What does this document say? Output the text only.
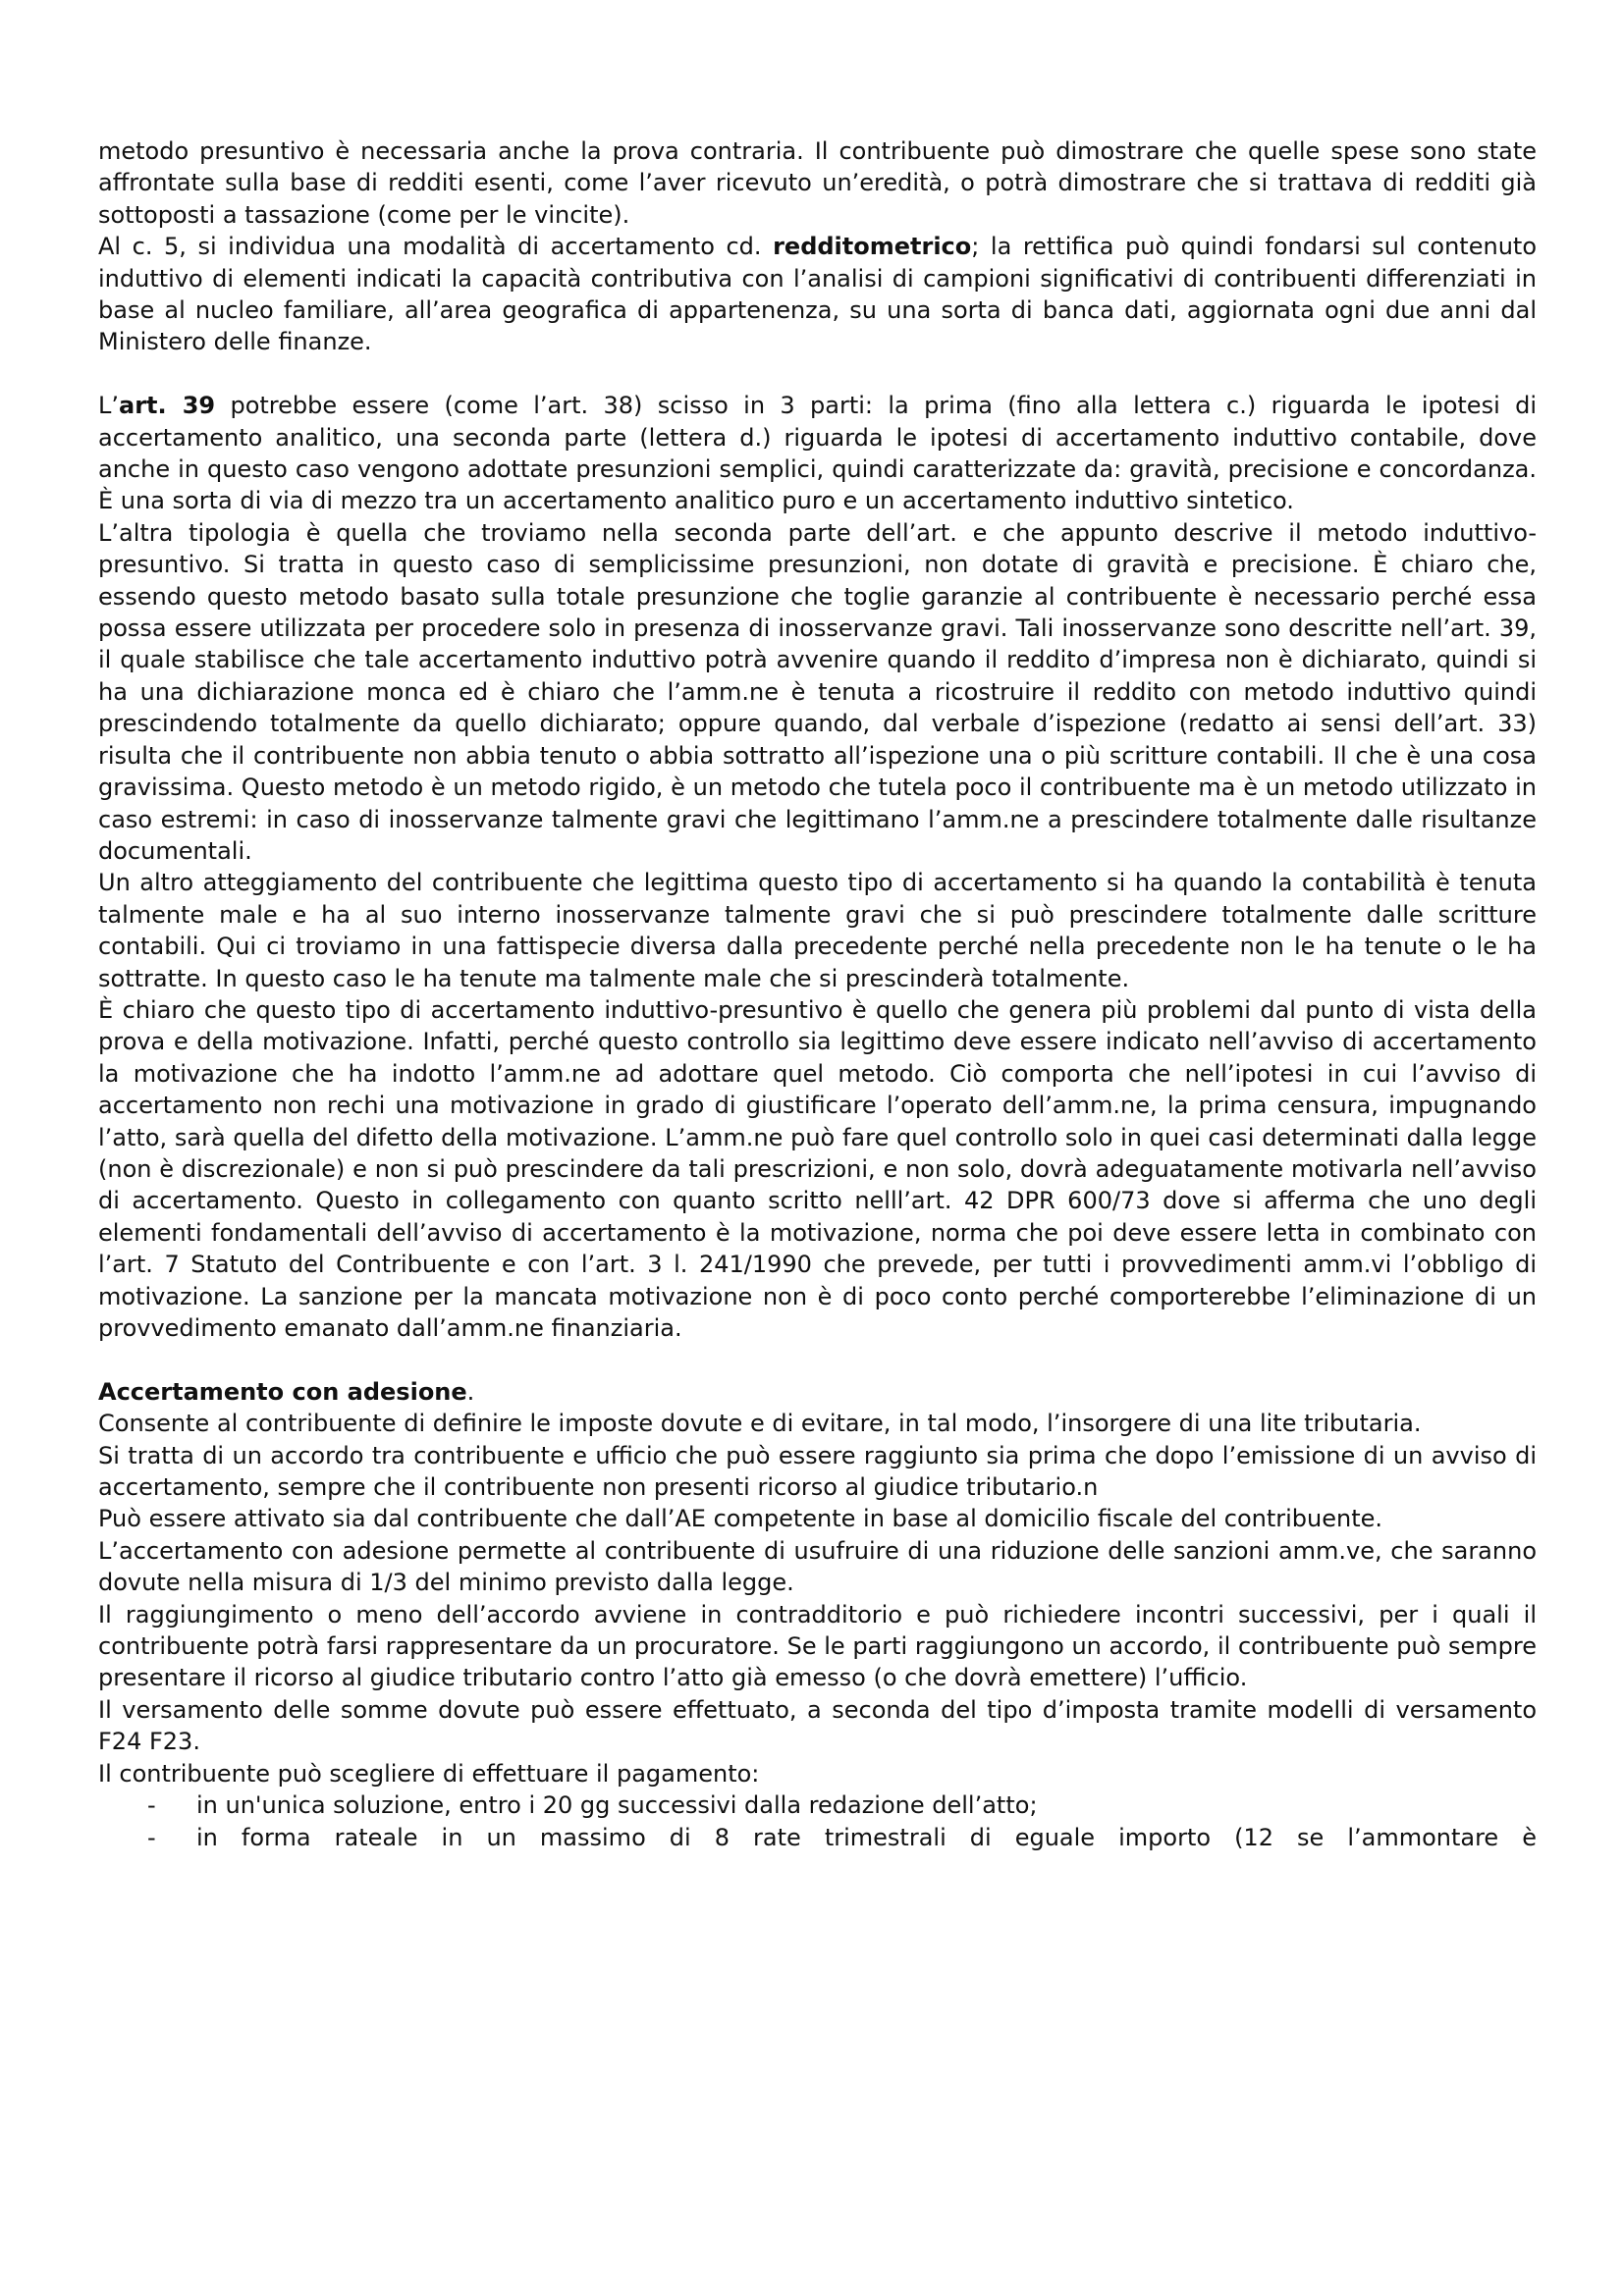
metodo presuntivo è necessaria anche la prova contraria. Il contribuente può dimostrare che quelle spese sono state affrontate sulla base di redditi esenti, come l’aver ricevuto un’eredità, o potrà dimostrare che si trattava di redditi già sottoposti a tassazione (come per le vincite).

Al c. 5, si individua una modalità di accertamento cd. redditometrico; la rettifica può quindi fondarsi sul contenuto induttivo di elementi indicati la capacità contributiva con l’analisi di campioni significativi di contribuenti differenziati in base al nucleo familiare, all’area geografica di appartenenza, su una sorta di banca dati, aggiornata ogni due anni dal Ministero delle finanze.

L’art. 39 potrebbe essere (come l’art. 38) scisso in 3 parti: la prima (fino alla lettera c.) riguarda le ipotesi di accertamento analitico, una seconda parte (lettera d.) riguarda le ipotesi di accertamento induttivo contabile, dove anche in questo caso vengono adottate presunzioni semplici, quindi caratterizzate da: gravità, precisione e concordanza. È una sorta di via di mezzo tra un accertamento analitico puro e un accertamento induttivo sintetico.

L’altra tipologia è quella che troviamo nella seconda parte dell’art. e che appunto descrive il metodo induttivo-presuntivo. Si tratta in questo caso di semplicissime presunzioni, non dotate di gravità e precisione. È chiaro che, essendo questo metodo basato sulla totale presunzione che toglie garanzie al contribuente è necessario perché essa possa essere utilizzata per procedere solo in presenza di inosservanze gravi. Tali inosservanze sono descritte nell’art. 39, il quale stabilisce che tale accertamento induttivo potrà avvenire quando il reddito d’impresa non è dichiarato, quindi si ha una dichiarazione monca ed è chiaro che l’amm.ne è tenuta a ricostruire il reddito con metodo induttivo quindi prescindendo totalmente da quello dichiarato; oppure quando, dal verbale d’ispezione (redatto ai sensi dell’art. 33) risulta che il contribuente non abbia tenuto o abbia sottratto all’ispezione una o più scritture contabili. Il che è una cosa gravissima. Questo metodo è un metodo rigido, è un metodo che tutela poco il contribuente ma è un metodo utilizzato in caso estremi: in caso di inosservanze talmente gravi che legittimano l’amm.ne a prescindere totalmente dalle risultanze documentali.

Un altro atteggiamento del contribuente che legittima questo tipo di accertamento si ha quando la contabilità è tenuta talmente male e ha al suo interno inosservanze talmente gravi che si può prescindere totalmente dalle scritture contabili. Qui ci troviamo in una fattispecie diversa dalla precedente perché nella precedente non le ha tenute o le ha sottratte. In questo caso le ha tenute ma talmente male che si prescinderà totalmente.

È chiaro che questo tipo di accertamento induttivo-presuntivo è quello che genera più problemi dal punto di vista della prova e della motivazione. Infatti, perché questo controllo sia legittimo deve essere indicato nell’avviso di accertamento la motivazione che ha indotto l’amm.ne ad adottare quel metodo. Ciò comporta che nell’ipotesi in cui l’avviso di accertamento non rechi una motivazione in grado di giustificare l’operato dell’amm.ne, la prima censura, impugnando l’atto, sarà quella del difetto della motivazione. L’amm.ne può fare quel controllo solo in quei casi determinati dalla legge (non è discrezionale) e non si può prescindere da tali prescrizioni, e non solo, dovrà adeguatamente motivarla nell’avviso di accertamento. Questo in collegamento con quanto scritto nelll’art. 42 DPR 600/73 dove si afferma che uno degli elementi fondamentali dell’avviso di accertamento è la motivazione, norma che poi deve essere letta in combinato con l’art. 7 Statuto del Contribuente e con l’art. 3 l. 241/1990 che prevede, per tutti i provvedimenti amm.vi l’obbligo di motivazione. La sanzione per la mancata motivazione non è di poco conto perché comporterebbe l’eliminazione di un provvedimento emanato dall’amm.ne finanziaria.

Accertamento con adesione.

Consente al contribuente di definire le imposte dovute e di evitare, in tal modo, l’insorgere di una lite tributaria.

Si tratta di un accordo tra contribuente e ufficio che può essere raggiunto sia prima che dopo l’emissione di un avviso di accertamento, sempre che il contribuente non presenti ricorso al giudice tributario.n

Può essere attivato sia dal contribuente che dall’AE competente in base al domicilio fiscale del contribuente.

L’accertamento con adesione permette al contribuente di usufruire di una riduzione delle sanzioni amm.ve, che saranno dovute nella misura di 1/3 del minimo previsto dalla legge.

Il raggiungimento o meno dell’accordo avviene in contradditorio e può richiedere incontri successivi, per i quali il contribuente potrà farsi rappresentare da un procuratore. Se le parti raggiungono un accordo, il contribuente può sempre presentare il ricorso al giudice tributario contro l’atto già emesso (o che dovrà emettere) l’ufficio.

Il versamento delle somme dovute può essere effettuato, a seconda del tipo d’imposta tramite modelli di versamento F24 F23.

Il contribuente può scegliere di effettuare il pagamento:

- in un'unica soluzione, entro i 20 gg successivi dalla redazione dell’atto;
- in forma rateale in un massimo di 8 rate trimestrali di eguale importo (12 se l’ammontare è
